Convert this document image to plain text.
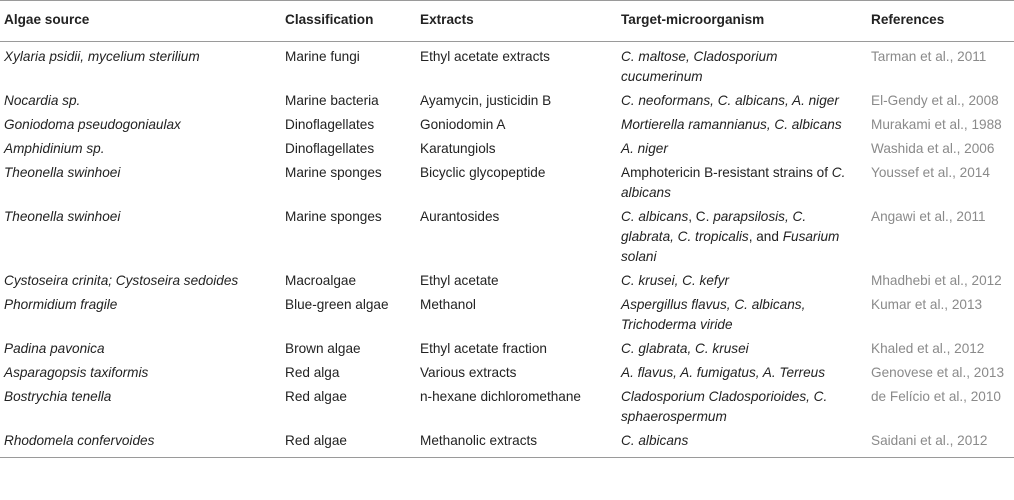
Algae source	Classification	Extracts	Target-microorganism	References
Xylaria psidii, mycelium sterilium	Marine fungi	Ethyl acetate extracts	C. maltose, Cladosporium cucumerinum	Tarman et al., 2011
Nocardia sp.	Marine bacteria	Ayamycin, justicidin B	C. neoformans, C. albicans, A. niger	El-Gendy et al., 2008
Goniodoma pseudogoniaulax	Dinoflagellates	Goniodomin A	Mortierella ramannianus, C. albicans	Murakami et al., 1988
Amphidinium sp.	Dinoflagellates	Karatungiols	A. niger	Washida et al., 2006
Theonella swinhoei	Marine sponges	Bicyclic glycopeptide	Amphotericin B-resistant strains of C. albicans	Youssef et al., 2014
Theonella swinhoei	Marine sponges	Aurantosides	C. albicans, C. parapsilosis, C. glabrata, C. tropicalis, and Fusarium solani	Angawi et al., 2011
Cystoseira crinita; Cystoseira sedoides	Macroalgae	Ethyl acetate	C. krusei, C. kefyr	Mhadhebi et al., 2012
Phormidium fragile	Blue-green algae	Methanol	Aspergillus flavus, C. albicans, Trichoderma viride	Kumar et al., 2013
Padina pavonica	Brown algae	Ethyl acetate fraction	C. glabrata, C. krusei	Khaled et al., 2012
Asparagopsis taxiformis	Red alga	Various extracts	A. flavus, A. fumigatus, A. Terreus	Genovese et al., 2013
Bostrychia tenella	Red algae	n-hexane dichloromethane	Cladosporium Cladosporioides, C. sphaerospermum	de Felício et al., 2010
Rhodomela confervoides	Red algae	Methanolic extracts	C. albicans	Saidani et al., 2012
